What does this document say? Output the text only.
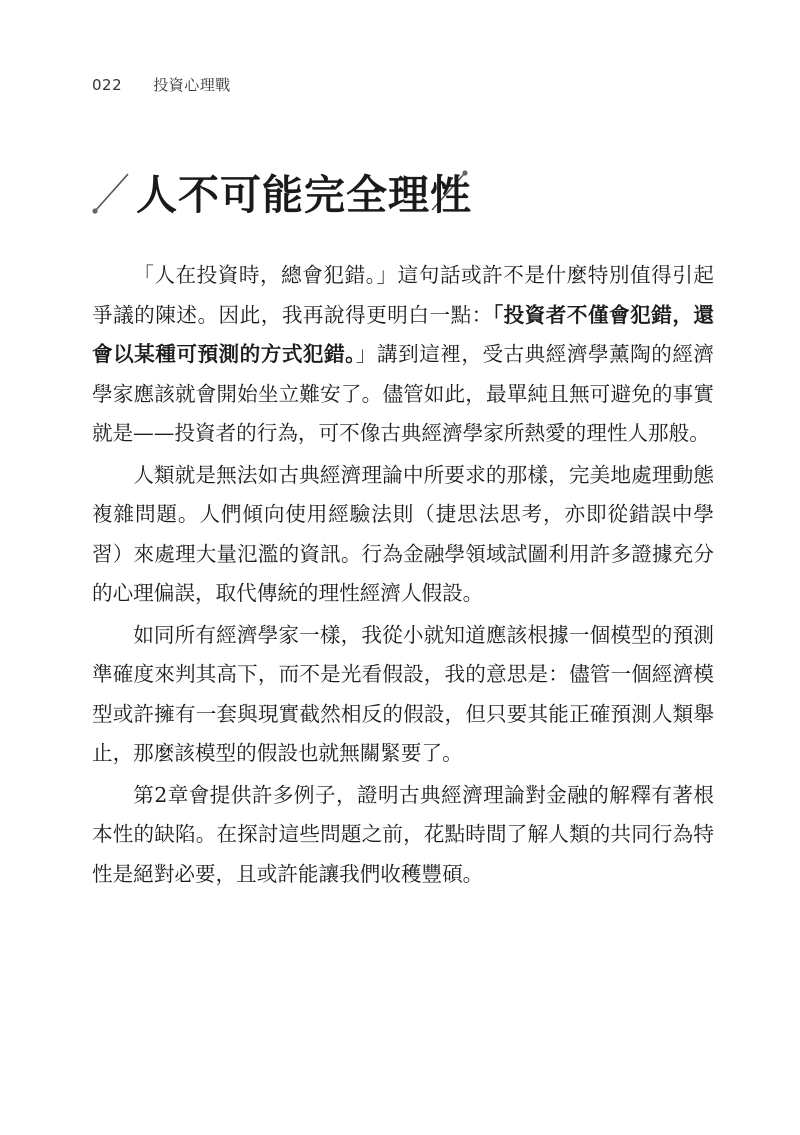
022 投資心理戰
人不可能完全理性

「人在投資時，總會犯錯。」這句話或許不是什麼特別值得引起爭議的陳述。因此，我再說得更明白一點：「投資者不僅會犯錯，還會以某種可預測的方式犯錯。」講到這裡，受古典經濟學薰陶的經濟學家應該就會開始坐立難安了。儘管如此，最單純且無可避免的事實就是——投資者的行為，可不像古典經濟學家所熱愛的理性人那般。

人類就是無法如古典經濟理論中所要求的那樣，完美地處理動態複雜問題。人們傾向使用經驗法則（捷思法思考，亦即從錯誤中學習）來處理大量氾濫的資訊。行為金融學領域試圖利用許多證據充分的心理偏誤，取代傳統的理性經濟人假設。

如同所有經濟學家一樣，我從小就知道應該根據一個模型的預測準確度來判其高下，而不是光看假設，我的意思是：儘管一個經濟模型或許擁有一套與現實截然相反的假設，但只要其能正確預測人類舉止，那麼該模型的假設也就無關緊要了。

第2章會提供許多例子，證明古典經濟理論對金融的解釋有著根本性的缺陷。在探討這些問題之前，花點時間了解人類的共同行為特性是絕對必要，且或許能讓我們收穫豐碩。
